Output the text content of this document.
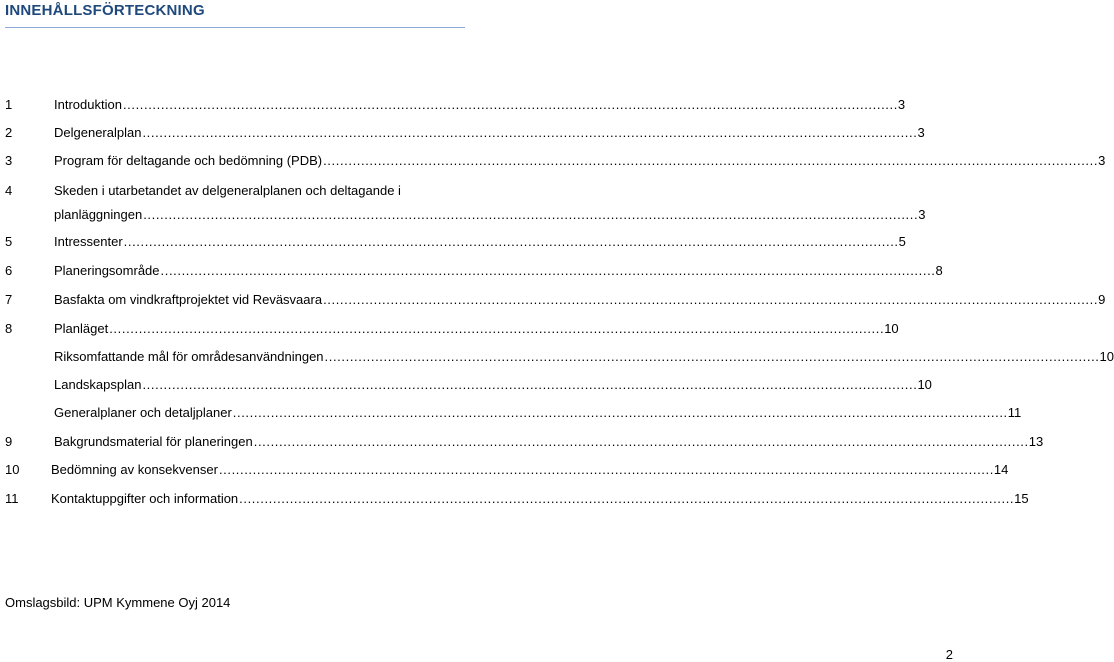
INNEHÅLLSFÖRTECKNING
1	Introduktion ........................................................................................................................................................................................ 3
2	Delgeneralplan ........................................................................................................................................................................................ 3
3	Program för deltagande och bedömning (PDB) ........................................................................................................................................................................................ 3
4	Skeden i utarbetandet av delgeneralplanen och deltagande i
planläggningen ........................................................................................................................................................................................ 3
5	Intressenter ........................................................................................................................................................................................ 5
6	Planeringsområde ........................................................................................................................................................................................ 8
7	Basfakta om vindkraftprojektet vid Reväsvaara ........................................................................................................................................................................................ 9
8	Planläget ........................................................................................................................................................................................ 10
Riksomfattande mål för områdesanvändningen ........................................................................................................................................................................................ 10
Landskapsplan ........................................................................................................................................................................................ 10
Generalplaner och detaljplaner ........................................................................................................................................................................................ 11
9	Bakgrundsmaterial för planeringen ........................................................................................................................................................................................ 13
10 Bedömning av konsekvenser ........................................................................................................................................................................................ 14
11	Kontaktuppgifter och information ........................................................................................................................................................................................ 15
Omslagsbild: UPM Kymmene Oyj 2014
2
